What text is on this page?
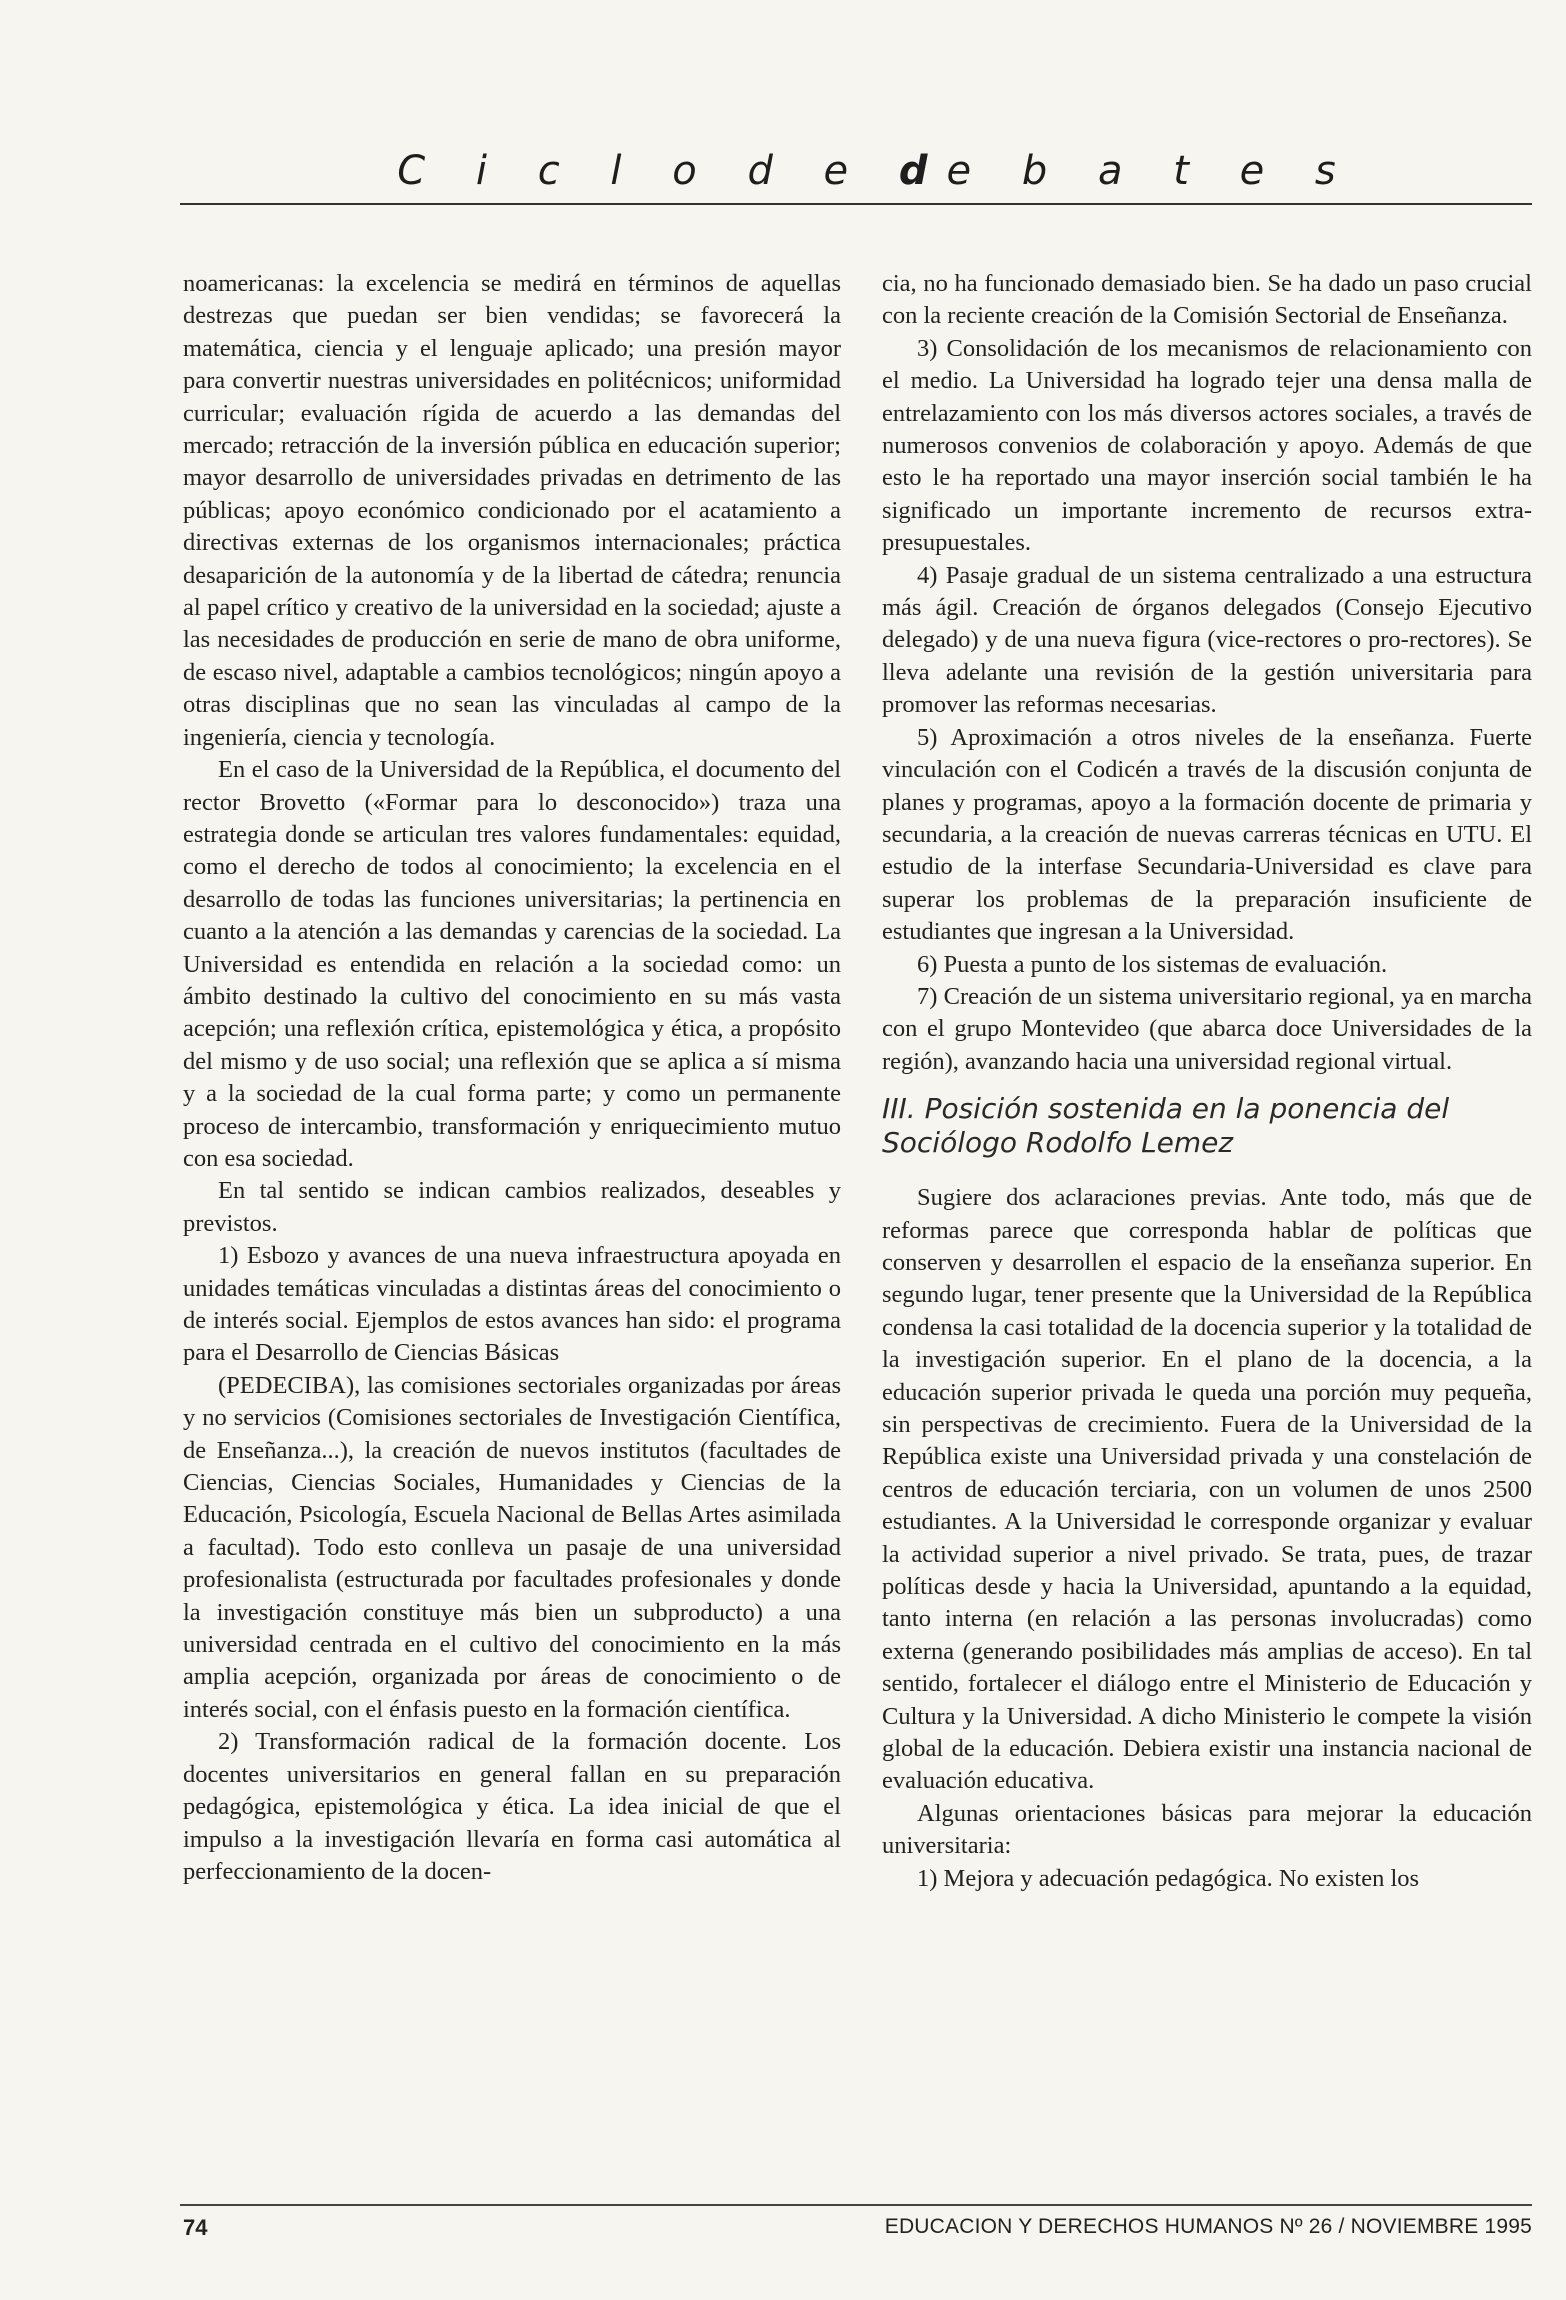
C i c l o d e de b a t e s

noamericanas: la excelencia se medirá en términos de aquellas destrezas que puedan ser bien vendidas; se favorecerá la matemática, ciencia y el lenguaje aplicado; una presión mayor para convertir nuestras universidades en politécnicos; uniformidad curricular; evaluación rígida de acuerdo a las demandas del mercado; retracción de la inversión pública en educación superior; mayor desarrollo de universidades privadas en detrimento de las públicas; apoyo económico condicionado por el acatamiento a directivas externas de los organismos internacionales; práctica desaparición de la autonomía y de la libertad de cátedra; renuncia al papel crítico y creativo de la universidad en la sociedad; ajuste a las necesidades de producción en serie de mano de obra uniforme, de escaso nivel, adaptable a cambios tecnológicos; ningún apoyo a otras disciplinas que no sean las vinculadas al campo de la ingeniería, ciencia y tecnología.

En el caso de la Universidad de la República, el documento del rector Brovetto («Formar para lo desconocido») traza una estrategia donde se articulan tres valores fundamentales: equidad, como el derecho de todos al conocimiento; la excelencia en el desarrollo de todas las funciones universitarias; la pertinencia en cuanto a la atención a las demandas y carencias de la sociedad. La Universidad es entendida en relación a la sociedad como: un ámbito destinado la cultivo del conocimiento en su más vasta acepción; una reflexión crítica, epistemológica y ética, a propósito del mismo y de uso social; una reflexión que se aplica a sí misma y a la sociedad de la cual forma parte; y como un permanente proceso de intercambio, transformación y enriquecimiento mutuo con esa sociedad.

En tal sentido se indican cambios realizados, deseables y previstos.

1) Esbozo y avances de una nueva infraestructura apoyada en unidades temáticas vinculadas a distintas áreas del conocimiento o de interés social. Ejemplos de estos avances han sido: el programa para el Desarrollo de Ciencias Básicas

(PEDECIBA), las comisiones sectoriales organizadas por áreas y no servicios (Comisiones sectoriales de Investigación Científica, de Enseñanza...), la creación de nuevos institutos (facultades de Ciencias, Ciencias Sociales, Humanidades y Ciencias de la Educación, Psicología, Escuela Nacional de Bellas Artes asimilada a facultad). Todo esto conlleva un pasaje de una universidad profesionalista (estructurada por facultades profesionales y donde la investigación constituye más bien un subproducto) a una universidad centrada en el cultivo del conocimiento en la más amplia acepción, organizada por áreas de conocimiento o de interés social, con el énfasis puesto en la formación científica.

2) Transformación radical de la formación docente. Los docentes universitarios en general fallan en su preparación pedagógica, epistemológica y ética. La idea inicial de que el impulso a la investigación llevaría en forma casi automática al perfeccionamiento de la docen-

cia, no ha funcionado demasiado bien. Se ha dado un paso crucial con la reciente creación de la Comisión Sectorial de Enseñanza.

3) Consolidación de los mecanismos de relacionamiento con el medio. La Universidad ha logrado tejer una densa malla de entrelazamiento con los más diversos actores sociales, a través de numerosos convenios de colaboración y apoyo. Además de que esto le ha reportado una mayor inserción social también le ha significado un importante incremento de recursos extra-presupuestales.

4) Pasaje gradual de un sistema centralizado a una estructura más ágil. Creación de órganos delegados (Consejo Ejecutivo delegado) y de una nueva figura (vice-rectores o pro-rectores). Se lleva adelante una revisión de la gestión universitaria para promover las reformas necesarias.

5) Aproximación a otros niveles de la enseñanza. Fuerte vinculación con el Codicén a través de la discusión conjunta de planes y programas, apoyo a la formación docente de primaria y secundaria, a la creación de nuevas carreras técnicas en UTU. El estudio de la interfase Secundaria-Universidad es clave para superar los problemas de la preparación insuficiente de estudiantes que ingresan a la Universidad.

6) Puesta a punto de los sistemas de evaluación.

7) Creación de un sistema universitario regional, ya en marcha con el grupo Montevideo (que abarca doce Universidades de la región), avanzando hacia una universidad regional virtual.

III. Posición sostenida en la ponencia del Sociólogo Rodolfo Lemez

Sugiere dos aclaraciones previas. Ante todo, más que de reformas parece que corresponda hablar de políticas que conserven y desarrollen el espacio de la enseñanza superior. En segundo lugar, tener presente que la Universidad de la República condensa la casi totalidad de la docencia superior y la totalidad de la investigación superior. En el plano de la docencia, a la educación superior privada le queda una porción muy pequeña, sin perspectivas de crecimiento. Fuera de la Universidad de la República existe una Universidad privada y una constelación de centros de educación terciaria, con un volumen de unos 2500 estudiantes. A la Universidad le corresponde organizar y evaluar la actividad superior a nivel privado. Se trata, pues, de trazar políticas desde y hacia la Universidad, apuntando a la equidad, tanto interna (en relación a las personas involucradas) como externa (generando posibilidades más amplias de acceso). En tal sentido, fortalecer el diálogo entre el Ministerio de Educación y Cultura y la Universidad. A dicho Ministerio le compete la visión global de la educación. Debiera existir una instancia nacional de evaluación educativa.

Algunas orientaciones básicas para mejorar la educación universitaria:

1) Mejora y adecuación pedagógica. No existen los

74	EDUCACION Y DERECHOS HUMANOS Nº 26 / NOVIEMBRE 1995
